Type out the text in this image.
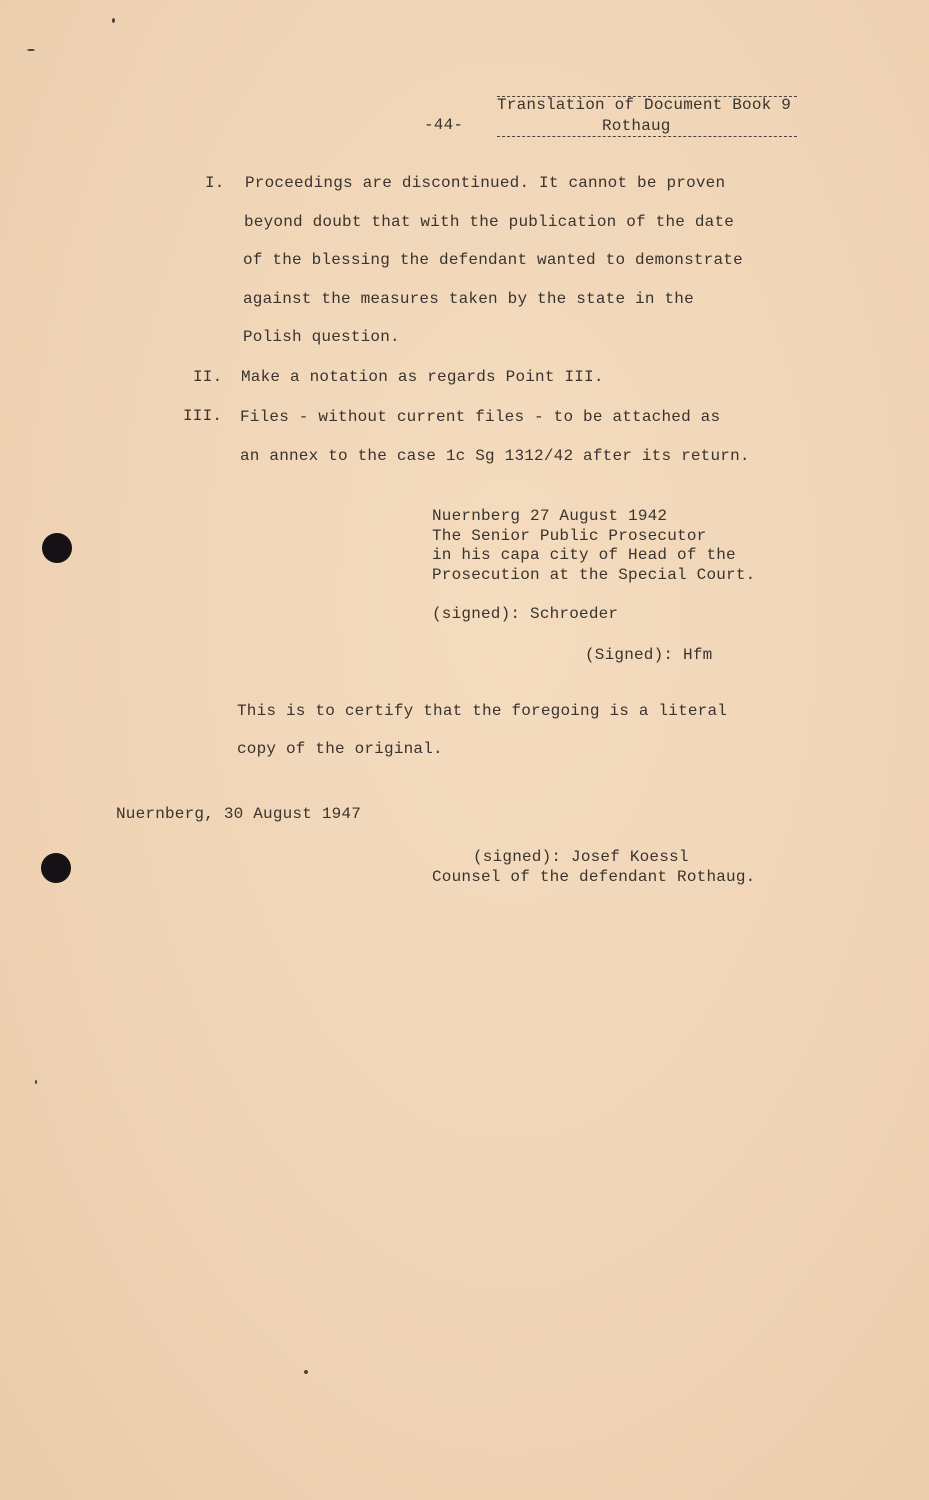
-44-
Translation of Document Book 9
Rothaug
I. Proceedings are discontinued. It cannot be proven
beyond doubt that with the publication of the date
of the blessing the defendant wanted to demonstrate
against the measures taken by the state in the
Polish question.
II. Make a notation as regards Point III.
III. Files - without current files - to be attached as
an annex to the case 1c Sg 1312/42 after its return.
Nuernberg 27 August 1942
The Senior Public Prosecutor
in his capa city of Head of the
Prosecution at the Special Court.
(signed): Schroeder
(Signed): Hfm
This is to certify that the foregoing is a literal
copy of the original.
Nuernberg, 30 August 1947
(signed): Josef Koessl
Counsel of the defendant Rothaug.
